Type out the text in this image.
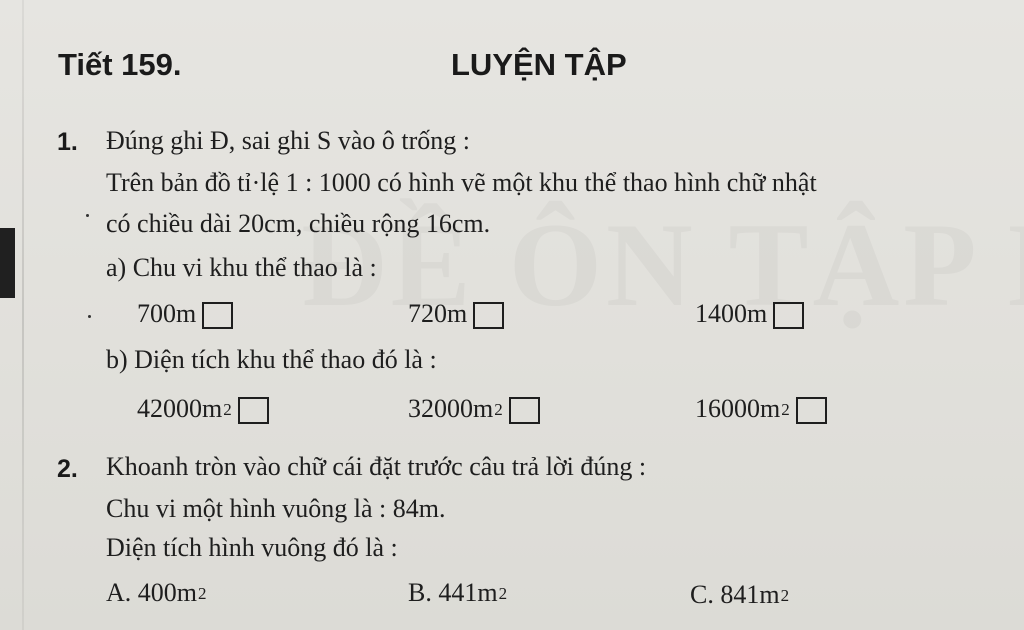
Tiết 159.	LUYỆN TẬP
1. Đúng ghi Đ, sai ghi S vào ô trống :
Trên bản đồ tỉ·lệ 1 : 1000 có hình vẽ một khu thể thao hình chữ nhật
có chiều dài 20cm, chiều rộng 16cm.
a) Chu vi khu thể thao là :
700m	720m	1400m
b) Diện tích khu thể thao đó là :
$42000m^2$	$32000m^2$	$16000m^2$
2. Khoanh tròn vào chữ cái đặt trước câu trả lời đúng :
Chu vi một hình vuông là : 84m.
Diện tích hình vuông đó là :
A. $400m^2$	B. $441m^2$	C. $841m^2$
